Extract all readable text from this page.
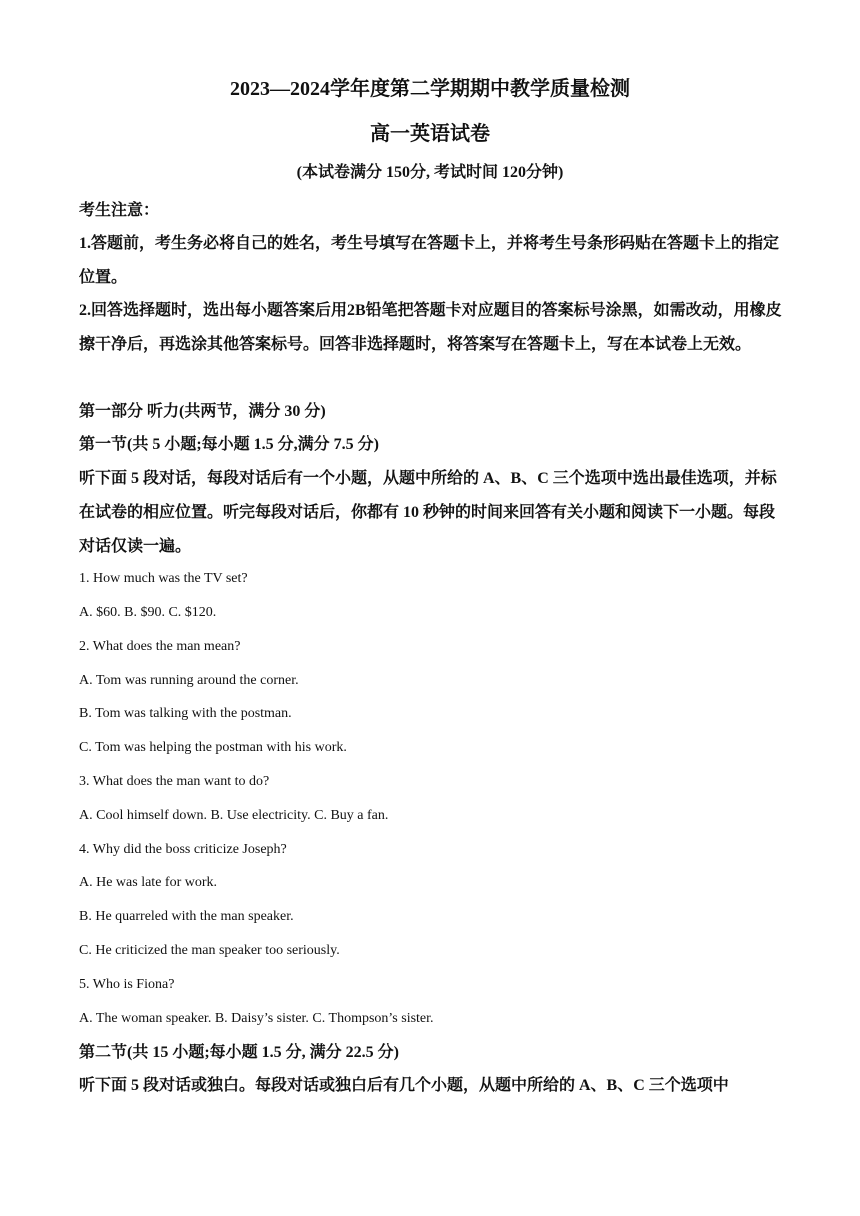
2023—2024学年度第二学期期中教学质量检测
高一英语试卷
(本试卷满分 150分, 考试时间 120分钟)
考生注意：
1.答题前，考生务必将自己的姓名，考生号填写在答题卡上，并将考生号条形码贴在答题卡上的指定位置。
2.回答选择题时，选出每小题答案后用2B铅笔把答题卡对应题目的答案标号涂黑，如需改动，用橡皮擦干净后，再选涂其他答案标号。回答非选择题时，将答案写在答题卡上，写在本试卷上无效。
第一部分 听力(共两节，满分 30 分)
第一节(共 5 小题;每小题 1.5 分,满分 7.5 分)
听下面 5 段对话，每段对话后有一个小题，从题中所给的 A、B、C 三个选项中选出最佳选项，并标在试卷的相应位置。听完每段对话后，你都有 10 秒钟的时间来回答有关小题和阅读下一小题。每段对话仅读一遍。
1. How much was the TV set?
A. $60. B. $90. C. $120.
2. What does the man mean?
A. Tom was running around the corner.
B. Tom was talking with the postman.
C. Tom was helping the postman with his work.
3. What does the man want to do?
A. Cool himself down. B. Use electricity. C. Buy a fan.
4. Why did the boss criticize Joseph?
A. He was late for work.
B. He quarreled with the man speaker.
C. He criticized the man speaker too seriously.
5. Who is Fiona?
A. The woman speaker. B. Daisy’s sister. C. Thompson’s sister.
第二节(共 15 小题;每小题 1.5 分, 满分 22.5 分)
听下面 5 段对话或独白。每段对话或独白后有几个小题，从题中所给的 A、B、C 三个选项中
